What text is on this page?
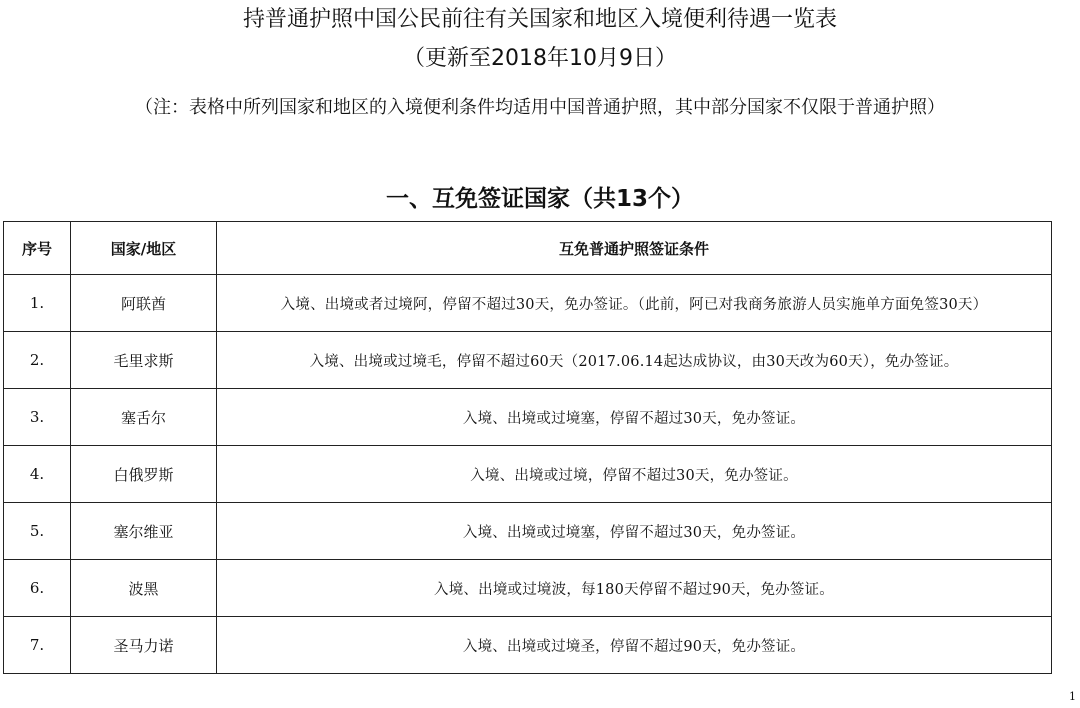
持普通护照中国公民前往有关国家和地区入境便利待遇一览表
（更新至2018年10月9日）
（注：表格中所列国家和地区的入境便利条件均适用中国普通护照，其中部分国家不仅限于普通护照）
一、互免签证国家（共13个）
序号	国家/地区	互免普通护照签证条件
1.	阿联酋	入境、出境或者过境阿，停留不超过30天，免办签证。（此前，阿已对我商务旅游人员实施单方面免签30天）
2.	毛里求斯	入境、出境或过境毛，停留不超过60天（2017.06.14起达成协议，由30天改为60天），免办签证。
3.	塞舌尔	入境、出境或过境塞，停留不超过30天，免办签证。
4.	白俄罗斯	入境、出境或过境，停留不超过30天，免办签证。
5.	塞尔维亚	入境、出境或过境塞，停留不超过30天，免办签证。
6.	波黑	入境、出境或过境波，每180天停留不超过90天，免办签证。
7.	圣马力诺	入境、出境或过境圣，停留不超过90天，免办签证。
1
